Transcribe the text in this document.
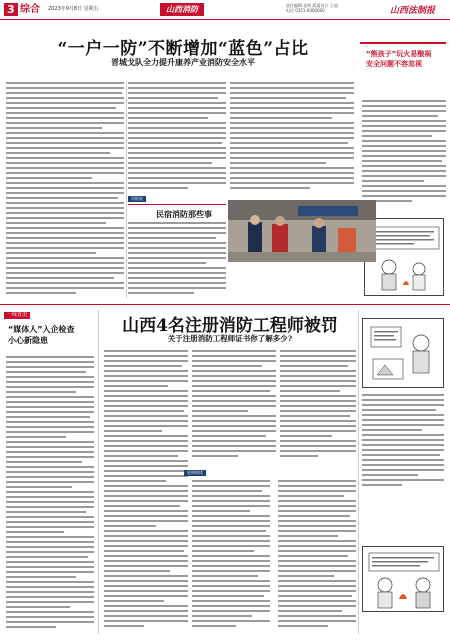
3 综合 2023年9月8日 星期五	山西消防	责任编辑 张明 版面设计 王丽
电话 0351-0000000	山西法制报
“一户一防”不断增加“蓝色”占比
晋城戈队全力提升康养产业消防安全水平
“熊孩子”玩火易酿祸 安全问题不容忽视
消防说
民宿消防那些事
一线直击
“媒体人”入企检查 小心新隐患
山西4名注册消防工程师被罚
关于注册消防工程师证书你了解多少?
延伸阅读
